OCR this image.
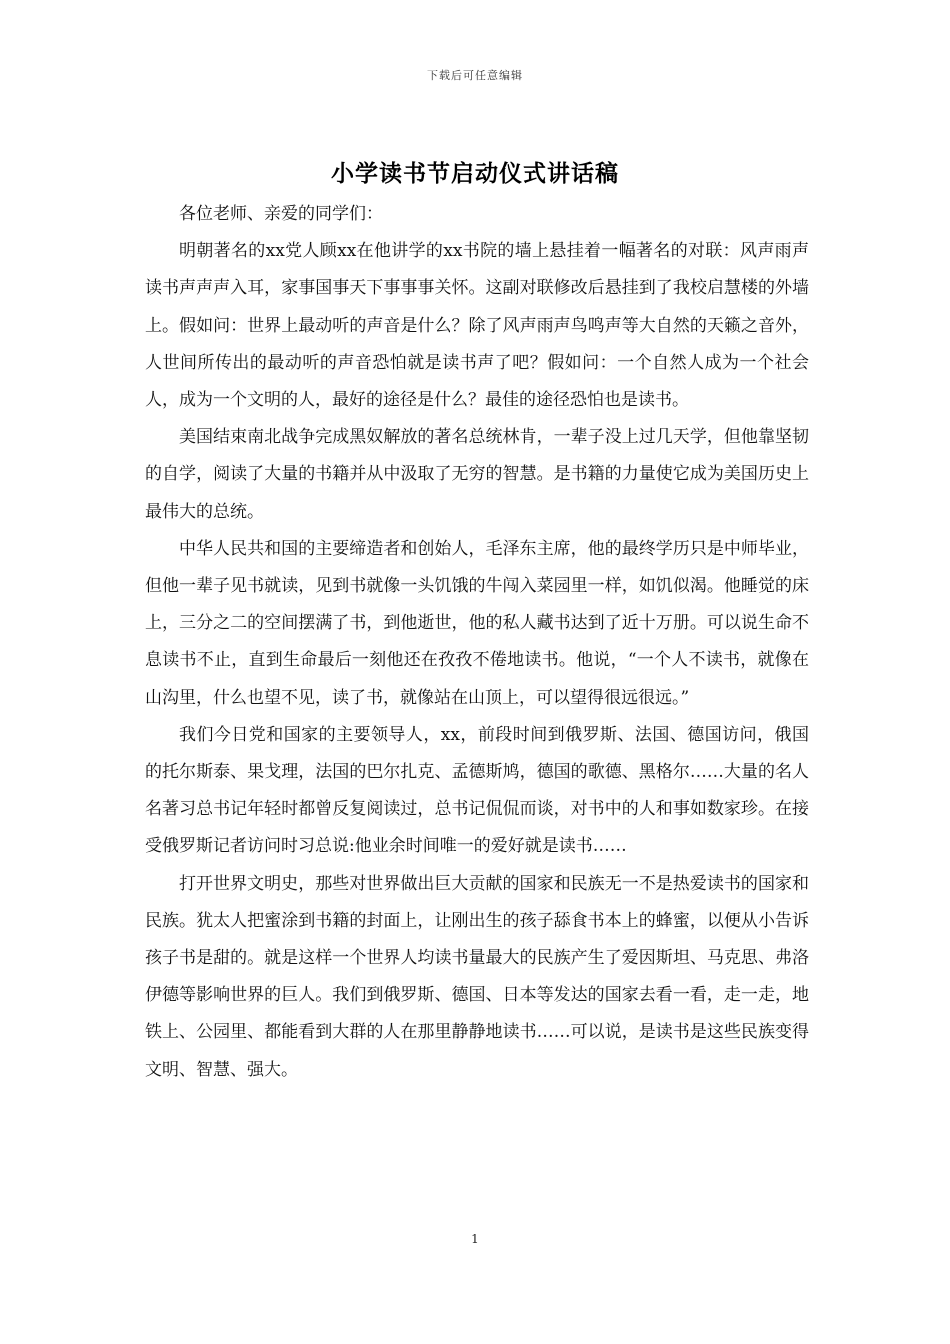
下载后可任意编辑
小学读书节启动仪式讲话稿

各位老师、亲爱的同学们：

明朝著名的xx党人顾xx在他讲学的xx书院的墙上悬挂着一幅著名的对联：风声雨声读书声声声入耳，家事国事天下事事事关怀。这副对联修改后悬挂到了我校启慧楼的外墙上。假如问：世界上最动听的声音是什么？除了风声雨声鸟鸣声等大自然的天籁之音外，人世间所传出的最动听的声音恐怕就是读书声了吧？假如问：一个自然人成为一个社会人，成为一个文明的人，最好的途径是什么？最佳的途径恐怕也是读书。

美国结束南北战争完成黑奴解放的著名总统林肯，一辈子没上过几天学，但他靠坚韧的自学，阅读了大量的书籍并从中汲取了无穷的智慧。是书籍的力量使它成为美国历史上最伟大的总统。

中华人民共和国的主要缔造者和创始人，毛泽东主席，他的最终学历只是中师毕业，但他一辈子见书就读，见到书就像一头饥饿的牛闯入菜园里一样，如饥似渴。他睡觉的床上，三分之二的空间摆满了书，到他逝世，他的私人藏书达到了近十万册。可以说生命不息读书不止，直到生命最后一刻他还在孜孜不倦地读书。他说，“一个人不读书，就像在山沟里，什么也望不见，读了书，就像站在山顶上，可以望得很远很远。”

我们今日党和国家的主要领导人，xx，前段时间到俄罗斯、法国、德国访问，俄国的托尔斯泰、果戈理，法国的巴尔扎克、孟德斯鸠，德国的歌德、黑格尔……大量的名人名著习总书记年轻时都曾反复阅读过，总书记侃侃而谈，对书中的人和事如数家珍。在接受俄罗斯记者访问时习总说:他业余时间唯一的爱好就是读书……

打开世界文明史，那些对世界做出巨大贡献的国家和民族无一不是热爱读书的国家和民族。犹太人把蜜涂到书籍的封面上，让刚出生的孩子舔食书本上的蜂蜜，以便从小告诉孩子书是甜的。就是这样一个世界人均读书量最大的民族产生了爱因斯坦、马克思、弗洛伊德等影响世界的巨人。我们到俄罗斯、德国、日本等发达的国家去看一看，走一走，地铁上、公园里、都能看到大群的人在那里静静地读书……可以说，是读书是这些民族变得文明、智慧、强大。

1
